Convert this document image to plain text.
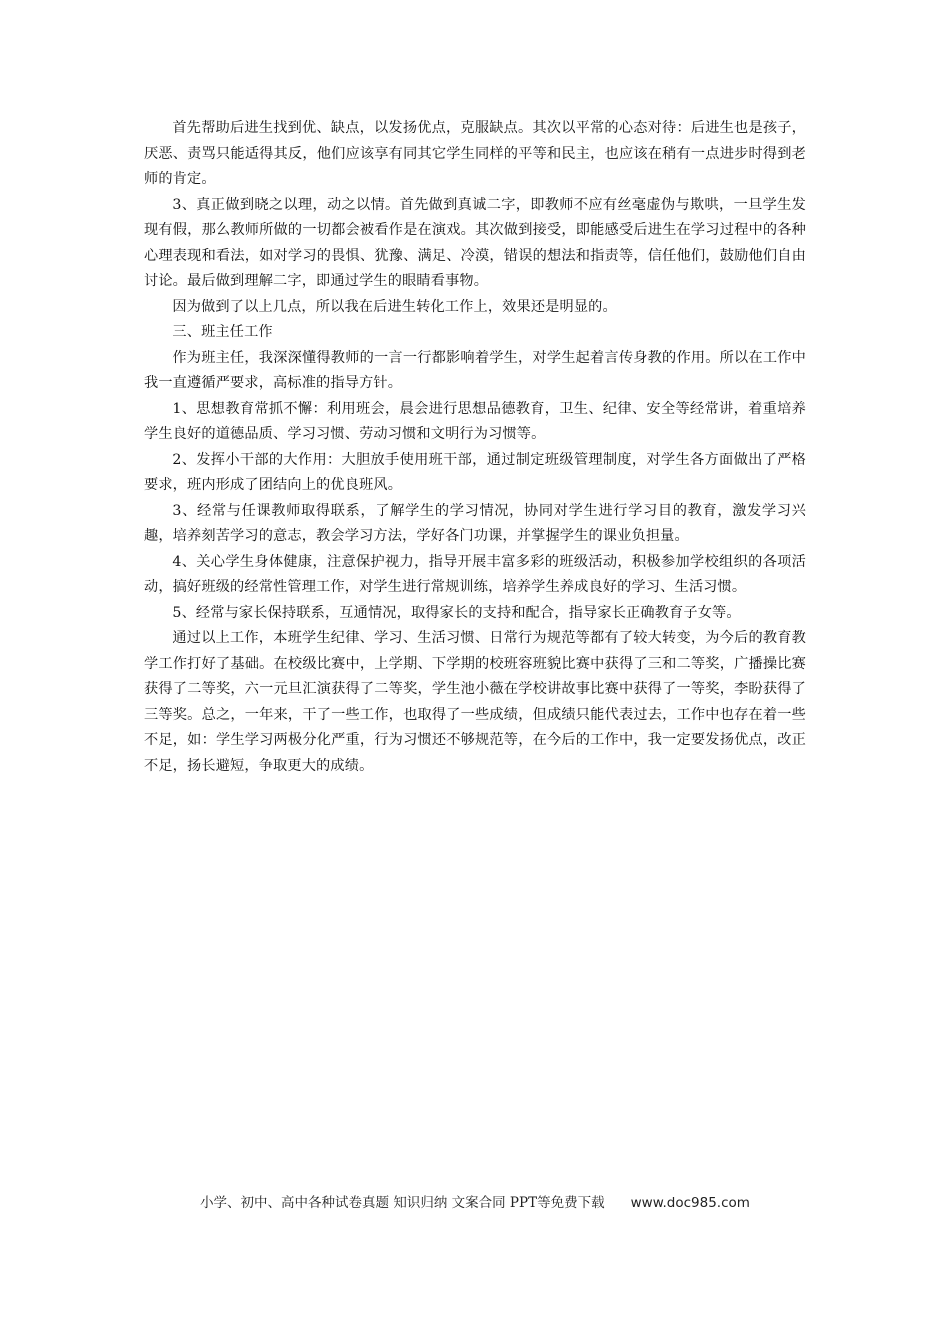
首先帮助后进生找到优、缺点，以发扬优点，克服缺点。其次以平常的心态对待：后进生也是孩子，厌恶、责骂只能适得其反，他们应该享有同其它学生同样的平等和民主，也应该在稍有一点进步时得到老师的肯定。

3、真正做到晓之以理，动之以情。首先做到真诚二字，即教师不应有丝毫虚伪与欺哄，一旦学生发现有假，那么教师所做的一切都会被看作是在演戏。其次做到接受，即能感受后进生在学习过程中的各种心理表现和看法，如对学习的畏惧、犹豫、满足、冷漠，错误的想法和指责等，信任他们，鼓励他们自由讨论。最后做到理解二字，即通过学生的眼睛看事物。

因为做到了以上几点，所以我在后进生转化工作上，效果还是明显的。

三、班主任工作

作为班主任，我深深懂得教师的一言一行都影响着学生，对学生起着言传身教的作用。所以在工作中我一直遵循严要求，高标准的指导方针。

1、思想教育常抓不懈：利用班会，晨会进行思想品德教育，卫生、纪律、安全等经常讲，着重培养学生良好的道德品质、学习习惯、劳动习惯和文明行为习惯等。

2、发挥小干部的大作用：大胆放手使用班干部，通过制定班级管理制度，对学生各方面做出了严格要求，班内形成了团结向上的优良班风。

3、经常与任课教师取得联系，了解学生的学习情况，协同对学生进行学习目的教育，激发学习兴趣，培养刻苦学习的意志，教会学习方法，学好各门功课，并掌握学生的课业负担量。

4、关心学生身体健康，注意保护视力，指导开展丰富多彩的班级活动，积极参加学校组织的各项活动，搞好班级的经常性管理工作，对学生进行常规训练，培养学生养成良好的学习、生活习惯。

5、经常与家长保持联系，互通情况，取得家长的支持和配合，指导家长正确教育子女等。

通过以上工作，本班学生纪律、学习、生活习惯、日常行为规范等都有了较大转变，为今后的教育教学工作打好了基础。在校级比赛中，上学期、下学期的校班容班貌比赛中获得了三和二等奖，广播操比赛获得了二等奖，六一元旦汇演获得了二等奖，学生池小薇在学校讲故事比赛中获得了一等奖，李盼获得了三等奖。总之，一年来，干了一些工作，也取得了一些成绩，但成绩只能代表过去，工作中也存在着一些不足，如：学生学习两极分化严重，行为习惯还不够规范等，在今后的工作中，我一定要发扬优点，改正不足，扬长避短，争取更大的成绩。

小学、初中、高中各种试卷真题 知识归纳 文案合同 PPT等免费下载 www.doc985.com
